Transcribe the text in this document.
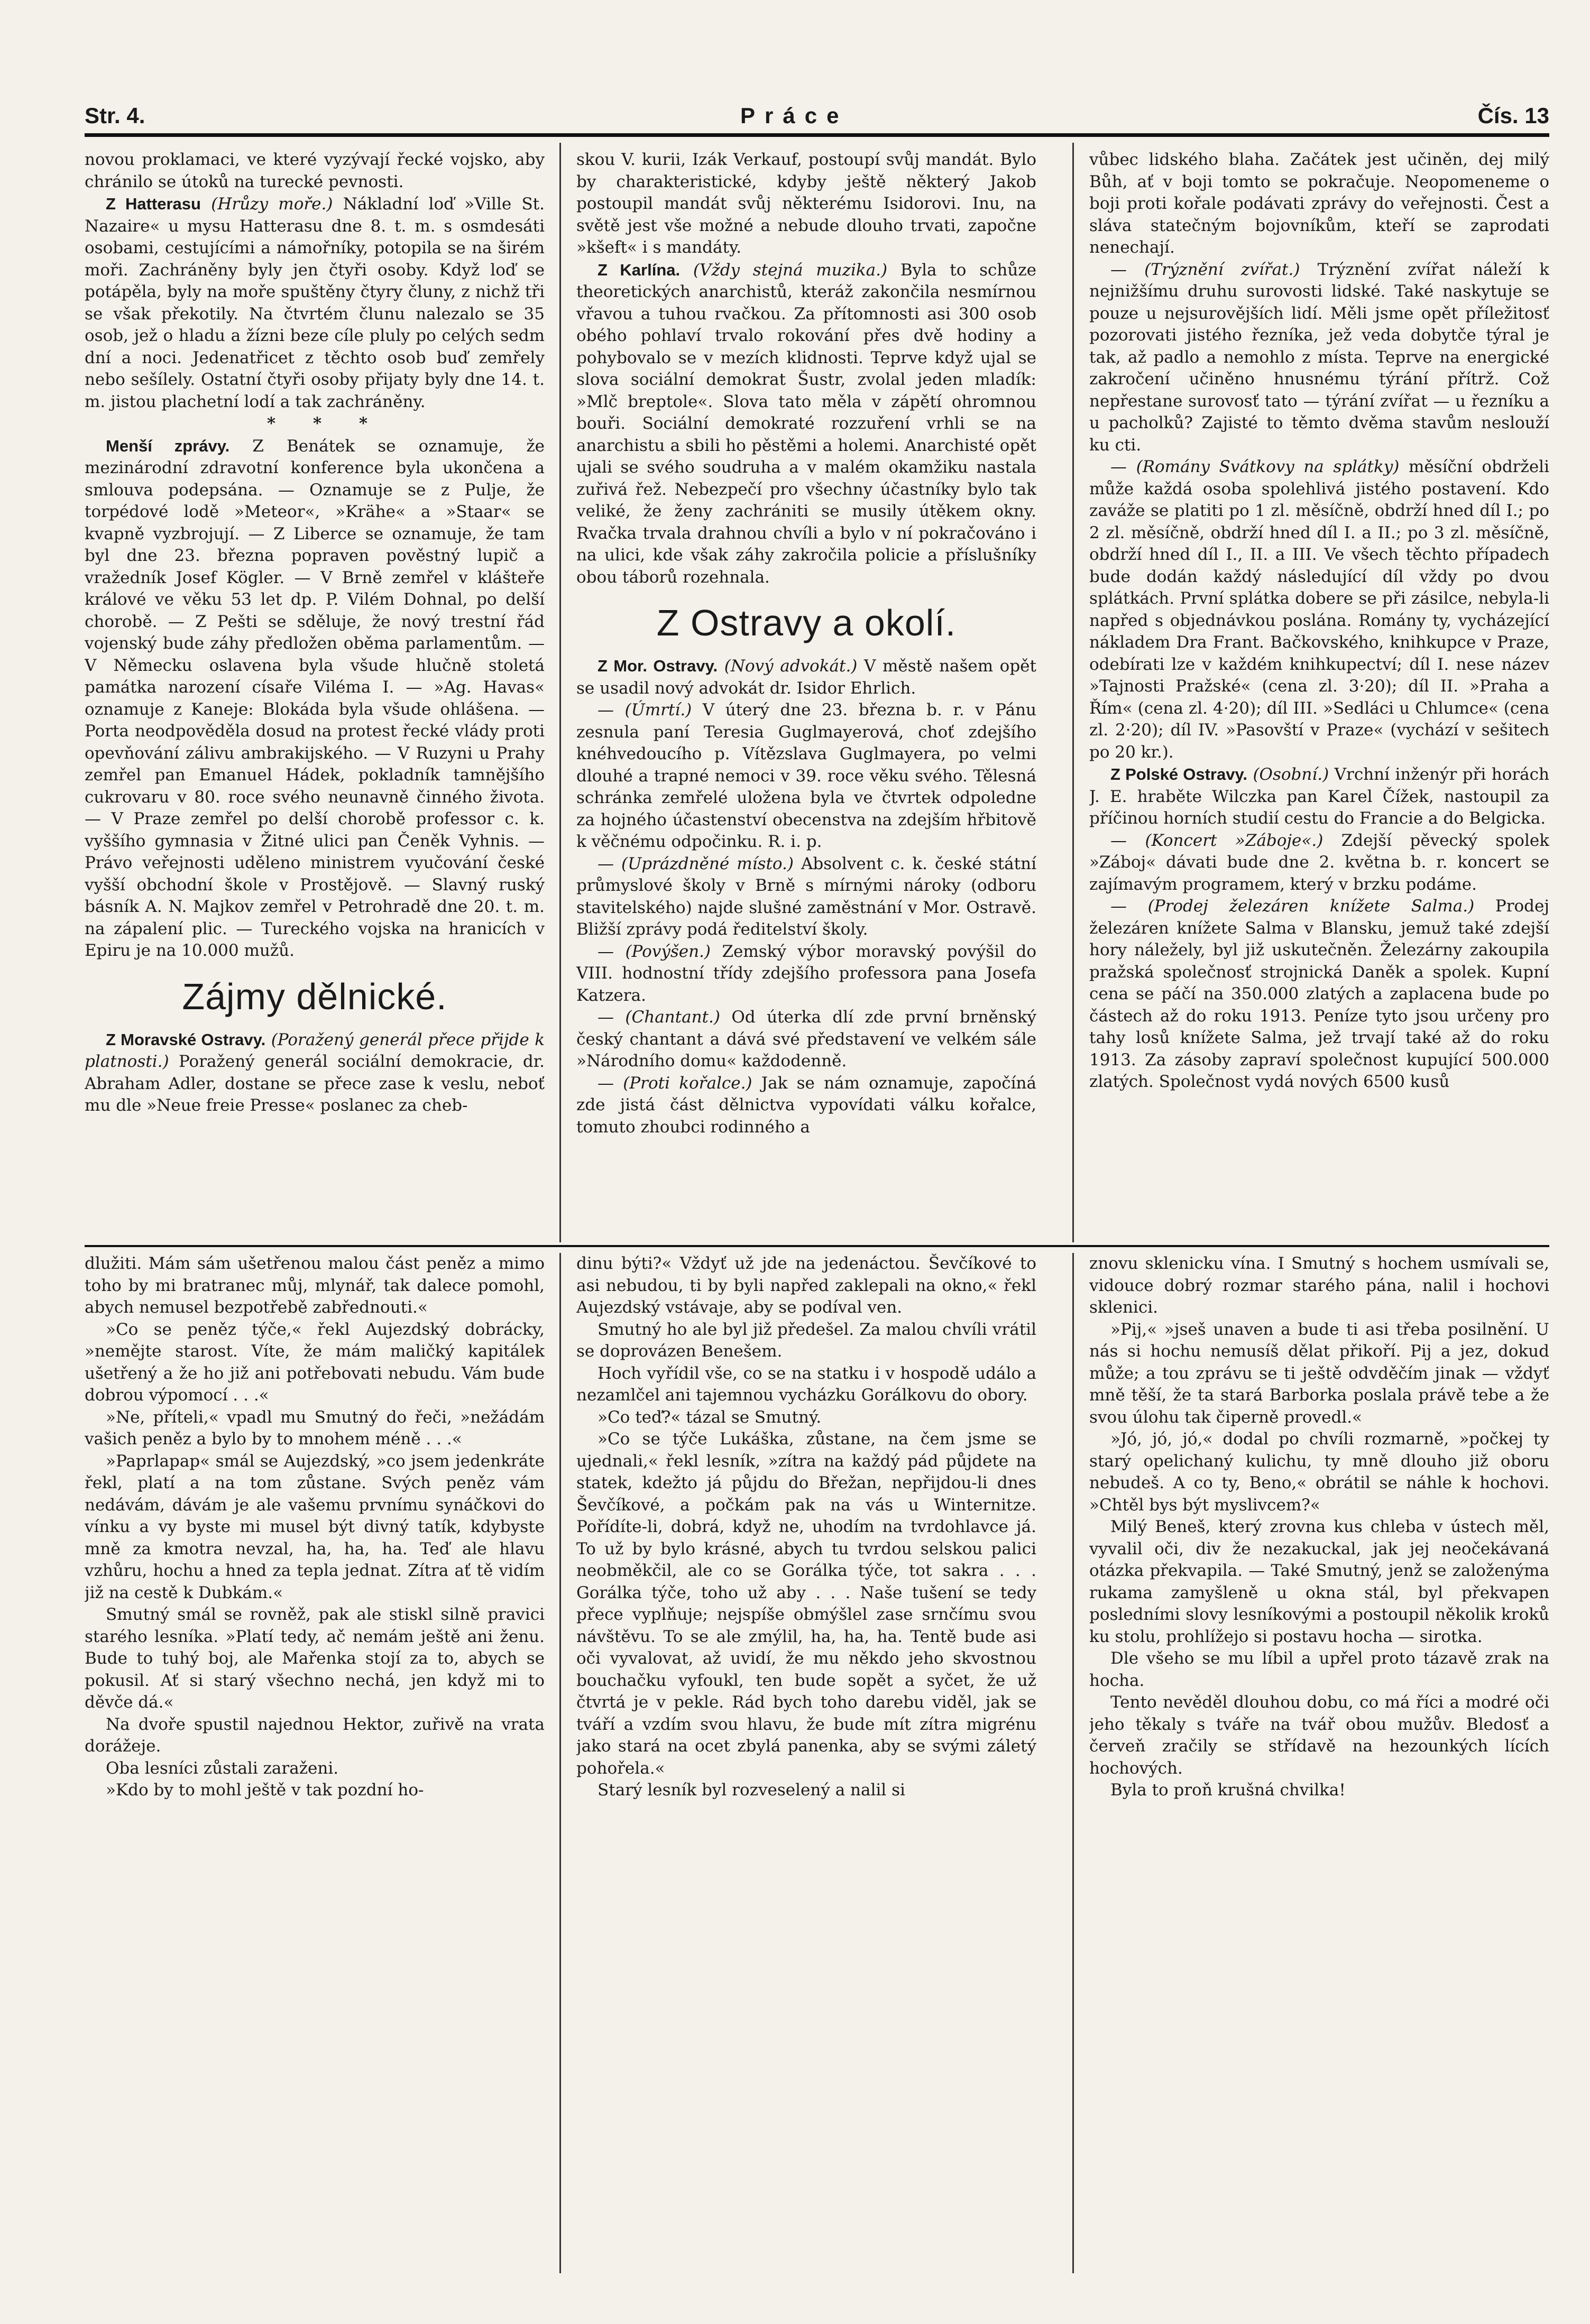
Str. 4.	Práce	Čís. 13

novou proklamaci, ve které vyzývají řecké vojsko, aby chránilo se útoků na turecké pevnosti.

Z Hatterasu (Hrůzy moře.) Nákladní loď »Ville St. Nazaire« u mysu Hatterasu dne 8. t. m. s osmdesáti osobami, cestujícími a námořníky, potopila se na širém moři. Zachráněny byly jen čtyři osoby. Když loď se potápěla, byly na moře spuštěny čtyry čluny, z nichž tři se však překotily. Na čtvrtém člunu nalezalo se 35 osob, jež o hladu a žízni beze cíle pluly po celých sedm dní a noci. Jedenatřicet z těchto osob buď zemřely nebo sešílely. Ostatní čtyři osoby přijaty byly dne 14. t. m. jistou plachetní lodí a tak zachráněny.

* * *

Menší zprávy. Z Benátek se oznamuje, že mezinárodní zdravotní konference byla ukončena a smlouva podepsána. — Oznamuje se z Pulje, že torpédové lodě »Meteor«, »Krähe« a »Staar« se kvapně vyzbrojují. — Z Liberce se oznamuje, že tam byl dne 23. března popraven pověstný lupič a vražedník Josef Kögler. — V Brně zemřel v klášteře králové ve věku 53 let dp. P. Vilém Dohnal, po delší chorobě. — Z Pešti se sděluje, že nový trestní řád vojenský bude záhy předložen oběma parlamentům. — V Německu oslavena byla všude hlučně stoletá památka narození císaře Viléma I. — »Ag. Havas« oznamuje z Kaneje: Blokáda byla všude ohlášena. — Porta neodpověděla dosud na protest řecké vlády proti opevňování zálivu ambrakijského. — V Ruzyni u Prahy zemřel pan Emanuel Hádek, pokladník tamnějšího cukrovaru v 80. roce svého neunavně činného života. — V Praze zemřel po delší chorobě professor c. k. vyššího gymnasia v Žitné ulici pan Čeněk Vyhnis. — Právo veřejnosti uděleno ministrem vyučování české vyšší obchodní škole v Prostějově. — Slavný ruský básník A. N. Majkov zemřel v Petrohradě dne 20. t. m. na zápalení plic. — Tureckého vojska na hranicích v Epiru je na 10.000 mužů.

Zájmy dělnické.

Z Moravské Ostravy. (Poražený generál přece přijde k platnosti.) Poražený generál sociální demokracie, dr. Abraham Adler, dostane se přece zase k veslu, neboť mu dle »Neue freie Presse« poslanec za cheb-

skou V. kurii, Izák Verkauf, postoupí svůj mandát. Bylo by charakteristické, kdyby ještě některý Jakob postoupil mandát svůj některému Isidorovi. Inu, na světě jest vše možné a nebude dlouho trvati, započne »kšeft« i s mandáty.

Z Karlína. (Vždy stejná muzika.) Byla to schůze theoretických anarchistů, kteráž zakončila nesmírnou vřavou a tuhou rvačkou. Za přítomnosti asi 300 osob obého pohlaví trvalo rokování přes dvě hodiny a pohybovalo se v mezích klidnosti. Teprve když ujal se slova sociální demokrat Šustr, zvolal jeden mladík: »Mlč breptole«. Slova tato měla v zápětí ohromnou bouři. Sociální demokraté rozzuření vrhli se na anarchistu a sbili ho pěstěmi a holemi. Anarchisté opět ujali se svého soudruha a v malém okamžiku nastala zuřivá řež. Nebezpečí pro všechny účastníky bylo tak veliké, že ženy zachrániti se musily útěkem okny. Rvačka trvala drahnou chvíli a bylo v ní pokračováno i na ulici, kde však záhy zakročila policie a příslušníky obou táborů rozehnala.

Z Ostravy a okolí.

Z Mor. Ostravy. (Nový advokát.) V městě našem opět se usadil nový advokát dr. Isidor Ehrlich.

— (Úmrtí.) V úterý dne 23. března b. r. v Pánu zesnula paní Teresia Guglmayerová, choť zdejšího knéhvedoucího p. Vítězslava Guglmayera, po velmi dlouhé a trapné nemoci v 39. roce věku svého. Tělesná schránka zemřelé uložena byla ve čtvrtek odpoledne za hojného účastenství obecenstva na zdejším hřbitově k věčnému odpočinku. R. i. p.

— (Uprázdněné místo.) Absolvent c. k. české státní průmyslové školy v Brně s mírnými nároky (odboru stavitelského) najde slušné zaměstnání v Mor. Ostravě. Bližší zprávy podá ředitelství školy.

— (Povýšen.) Zemský výbor moravský povýšil do VIII. hodnostní třídy zdejšího professora pana Josefa Katzera.

— (Chantant.) Od úterka dlí zde první brněnský český chantant a dává své představení ve velkém sále »Národního domu« každodenně.

— (Proti kořalce.) Jak se nám oznamuje, započíná zde jistá část dělnictva vypovídati válku kořalce, tomuto zhoubci rodinného a

vůbec lidského blaha. Začátek jest učiněn, dej milý Bůh, ať v boji tomto se pokračuje. Neopomeneme o boji proti kořale podávati zprávy do veřejnosti. Čest a sláva statečným bojovníkům, kteří se zaprodati nenechají.

— (Trýznění zvířat.) Trýznění zvířat náleží k nejnižšímu druhu surovosti lidské. Také naskytuje se pouze u nejsurovějších lidí. Měli jsme opět příležitosť pozorovati jistého řezníka, jež veda dobytče týral je tak, až padlo a nemohlo z místa. Teprve na energické zakročení učiněno hnusnému týrání přítrž. Což nepřestane surovosť tato — týrání zvířat — u řezníku a u pacholků? Zajisté to těmto dvěma stavům neslouží ku cti.

— (Romány Svátkovy na splátky) měsíční obdrželi může každá osoba spolehlivá jistého postavení. Kdo zaváže se platiti po 1 zl. měsíčně, obdrží hned díl I.; po 2 zl. měsíčně, obdrží hned díl I. a II.; po 3 zl. měsíčně, obdrží hned díl I., II. a III. Ve všech těchto případech bude dodán každý následující díl vždy po dvou splátkách. První splátka dobere se při zásilce, nebyla-li napřed s objednávkou poslána. Romány ty, vycházející nákladem Dra Frant. Bačkovského, knihkupce v Praze, odebírati lze v každém knihkupectví; díl I. nese název »Tajnosti Pražské« (cena zl. 3·20); díl II. »Praha a Řím« (cena zl. 4·20); díl III. »Sedláci u Chlumce« (cena zl. 2·20); díl IV. »Pasovští v Praze« (vychází v sešitech po 20 kr.).

Z Polské Ostravy. (Osobní.) Vrchní inženýr při horách J. E. hraběte Wilczka pan Karel Čížek, nastoupil za příčinou horních studií cestu do Francie a do Belgicka.

— (Koncert »Záboje«.) Zdejší pěvecký spolek »Záboj« dávati bude dne 2. května b. r. koncert se zajímavým programem, který v brzku podáme.

— (Prodej železáren knížete Salma.) Prodej železáren knížete Salma v Blansku, jemuž také zdejší hory náležely, byl již uskutečněn. Železárny zakoupila pražská společnosť strojnická Daněk a spolek. Kupní cena se páčí na 350.000 zlatých a zaplacena bude po částech až do roku 1913. Peníze tyto jsou určeny pro tahy losů knížete Salma, jež trvají také až do roku 1913. Za zásoby zapraví společnost kupující 500.000 zlatých. Společnost vydá nových 6500 kusů

dlužiti. Mám sám ušetřenou malou část peněz a mimo toho by mi bratranec můj, mlynář, tak dalece pomohl, abych nemusel bezpotřebě zabřednouti.«

»Co se peněz týče,« řekl Aujezdský dobrácky, »nemějte starost. Víte, že mám maličký kapitálek ušetřený a že ho již ani potřebovati nebudu. Vám bude dobrou výpomocí . . .«

»Ne, příteli,« vpadl mu Smutný do řeči, »nežádám vašich peněz a bylo by to mnohem méně . . .«

»Paprlapap« smál se Aujezdský, »co jsem jedenkráte řekl, platí a na tom zůstane. Svých peněz vám nedávám, dávám je ale vašemu prvnímu synáčkovi do vínku a vy byste mi musel být divný tatík, kdybyste mně za kmotra nevzal, ha, ha, ha. Teď ale hlavu vzhůru, hochu a hned za tepla jednat. Zítra ať tě vidím již na cestě k Dubkám.«

Smutný smál se rovněž, pak ale stiskl silně pravici starého lesníka. »Platí tedy, ač nemám ještě ani ženu. Bude to tuhý boj, ale Mařenka stojí za to, abych se pokusil. Ať si starý všechno nechá, jen když mi to děvče dá.«

Na dvoře spustil najednou Hektor, zuřivě na vrata dorážeje.

Oba lesníci zůstali zaraženi.

»Kdo by to mohl ještě v tak pozdní ho-

dinu býti?« Vždyť už jde na jedenáctou. Ševčíkové to asi nebudou, ti by byli napřed zaklepali na okno,« řekl Aujezdský vstávaje, aby se podíval ven.

Smutný ho ale byl již předešel. Za malou chvíli vrátil se doprovázen Benešem.

Hoch vyřídil vše, co se na statku i v hospodě událo a nezamlčel ani tajemnou vycházku Gorálkovu do obory.

»Co teď?« tázal se Smutný.

»Co se týče Lukáška, zůstane, na čem jsme se ujednali,« řekl lesník, »zítra na každý pád půjdete na statek, kdežto já půjdu do Břežan, nepřijdou-li dnes Ševčíkové, a počkám pak na vás u Winternitze. Pořídíte-li, dobrá, když ne, uhodím na tvrdohlavce já. To už by bylo krásné, abych tu tvrdou selskou palici neobměkčil, ale co se Gorálka týče, tot sakra . . . Gorálka týče, toho už aby . . . Naše tušení se tedy přece vyplňuje; nejspíše obmýšlel zase srnčímu svou návštěvu. To se ale zmýlil, ha, ha, ha. Tentě bude asi oči vyvalovat, až uvidí, že mu někdo jeho skvostnou bouchačku vyfoukl, ten bude sopět a syčet, že už čtvrtá je v pekle. Rád bych toho darebu viděl, jak se tváří a vzdím svou hlavu, že bude mít zítra migrénu jako stará na ocet zbylá panenka, aby se svými záletý pohořela.«

Starý lesník byl rozveselený a nalil si

znovu sklenicku vína. I Smutný s hochem usmívali se, vidouce dobrý rozmar starého pána, nalil i hochovi sklenici.

»Pij,« »jseš unaven a bude ti asi třeba posilnění. U nás si hochu nemusíš dělat přikoří. Pij a jez, dokud může; a tou zprávu se ti ještě odvděčím jinak — vždyť mně těší, že ta stará Barborka poslala právě tebe a že svou úlohu tak čiperně provedl.«

»Jó, jó, jó,« dodal po chvíli rozmarně, »počkej ty starý opelichaný kulichu, ty mně dlouho již oboru nebudeš. A co ty, Beno,« obrátil se náhle k hochovi. »Chtěl bys být myslivcem?«

Milý Beneš, který zrovna kus chleba v ústech měl, vyvalil oči, div že nezakuckal, jak jej neočekávaná otázka překvapila. — Také Smutný, jenž se založenýma rukama zamyšleně u okna stál, byl překvapen posledními slovy lesníkovými a postoupil několik kroků ku stolu, prohlížejo si postavu hocha — sirotka.

Dle všeho se mu líbil a upřel proto tázavě zrak na hocha.

Tento nevěděl dlouhou dobu, co má říci a modré oči jeho těkaly s tváře na tvář obou mužův. Bledosť a červeň zračily se střídavě na hezounkých lících hochových.

Byla to proň krušná chvilka!
